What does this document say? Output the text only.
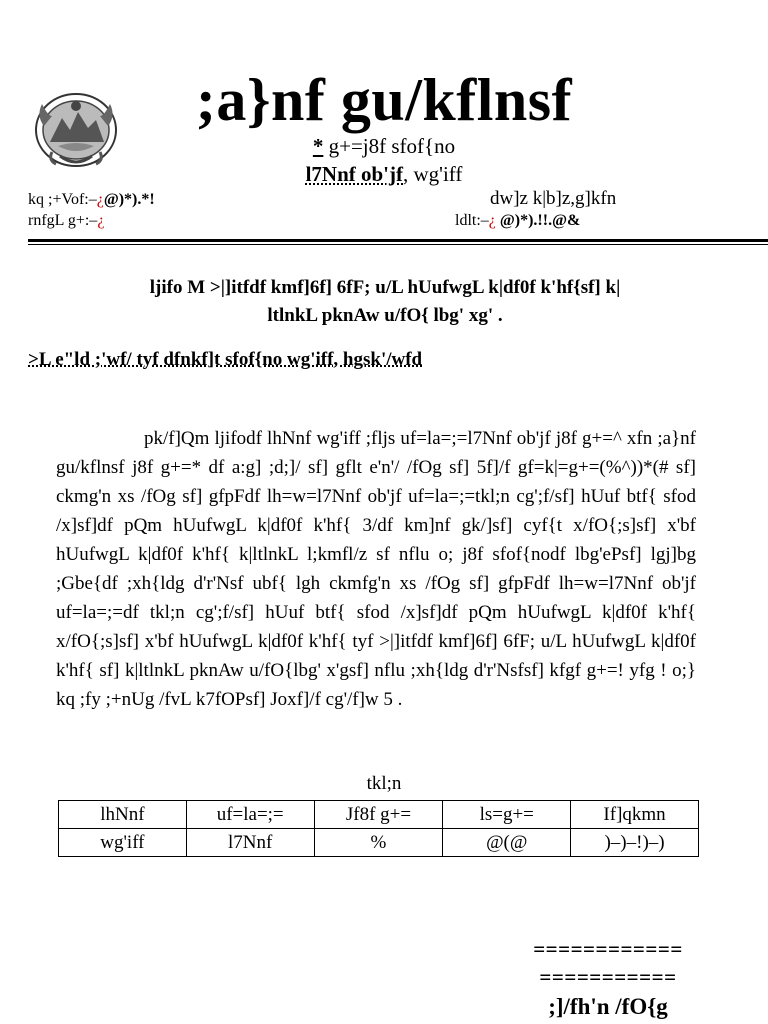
;a}nf gu/kflnsf
* g+=j8f sfof{no
l7Nnf ob'jf, wg'iff
kq ;+Vof:–¿@)*).*!
rnfgL g+:–¿
dw]z k|b]z,g]kfn
ldlt:–¿ @)*).!!.@&
ljifo M >|]itfdf kmf]6f] 6fF; u/L hUufwgL k|df0f k'hf{sf] k|
ltlnkL pknAw u/fO{ lbg' xg' .
>L e"ld ;'wf/ tyf dfnkf]t sfof{no wg'iff, hgsk'/wfd
pk/f]Qm ljifodf lhNnf wg'iff ;fljs uf=la=;=l7Nnf ob'jf j8f g+=^ xfn ;a}nf gu/kflnsf j8f g+=* df a:g] ;d;]/ sf] gflt e'n'/ /fOg sf] 5f]/f gf=k|=g+=(%^))*(# sf] ckmg'n xs /fOg sf] gfpFdf lh=w=l7Nnf ob'jf uf=la=;=tkl;n cg';f/sf] hUuf btf{ sfod /x]sf]df pQm hUufwgL k|df0f k'hf{ 3/df km]nf gk/]sf] cyf{t x/fO{;s]sf] x'bf hUufwgL k|df0f k'hf{ k|ltlnkL l;kmfl/z sf nflu o; j8f sfof{nodf lbg'ePsf] lgj]bg ;Gbe{df ;xh{ldg d'r'Nsf ubf{ lgh ckmfg'n xs /fOg sf] gfpFdf lh=w=l7Nnf ob'jf uf=la=;=df tkl;n cg';f/sf] hUuf btf{ sfod /x]sf]df pQm hUufwgL k|df0f k'hf{ x/fO{;s]sf] x'bf hUufwgL k|df0f k'hf{ tyf >|]itfdf kmf]6f] 6fF; u/L hUufwgL k|df0f k'hf{ sf] k|ltlnkL pknAw u/fO{lbg' x'gsf] nflu ;xh{ldg d'r'Nsfsf] kfgf g+=! yfg ! o;} kq ;fy ;+nUg /fvL k7fOPsf] Joxf]/f cg'/f]w 5 .
tkl;n
lhNnf	uf=la=;=	Jf8f g+=	ls=g+=	If]qkmn
wg'iff	l7Nnf	%	@(@	)–)–!)–)
============
===========
;]/fh'n /fO{g
